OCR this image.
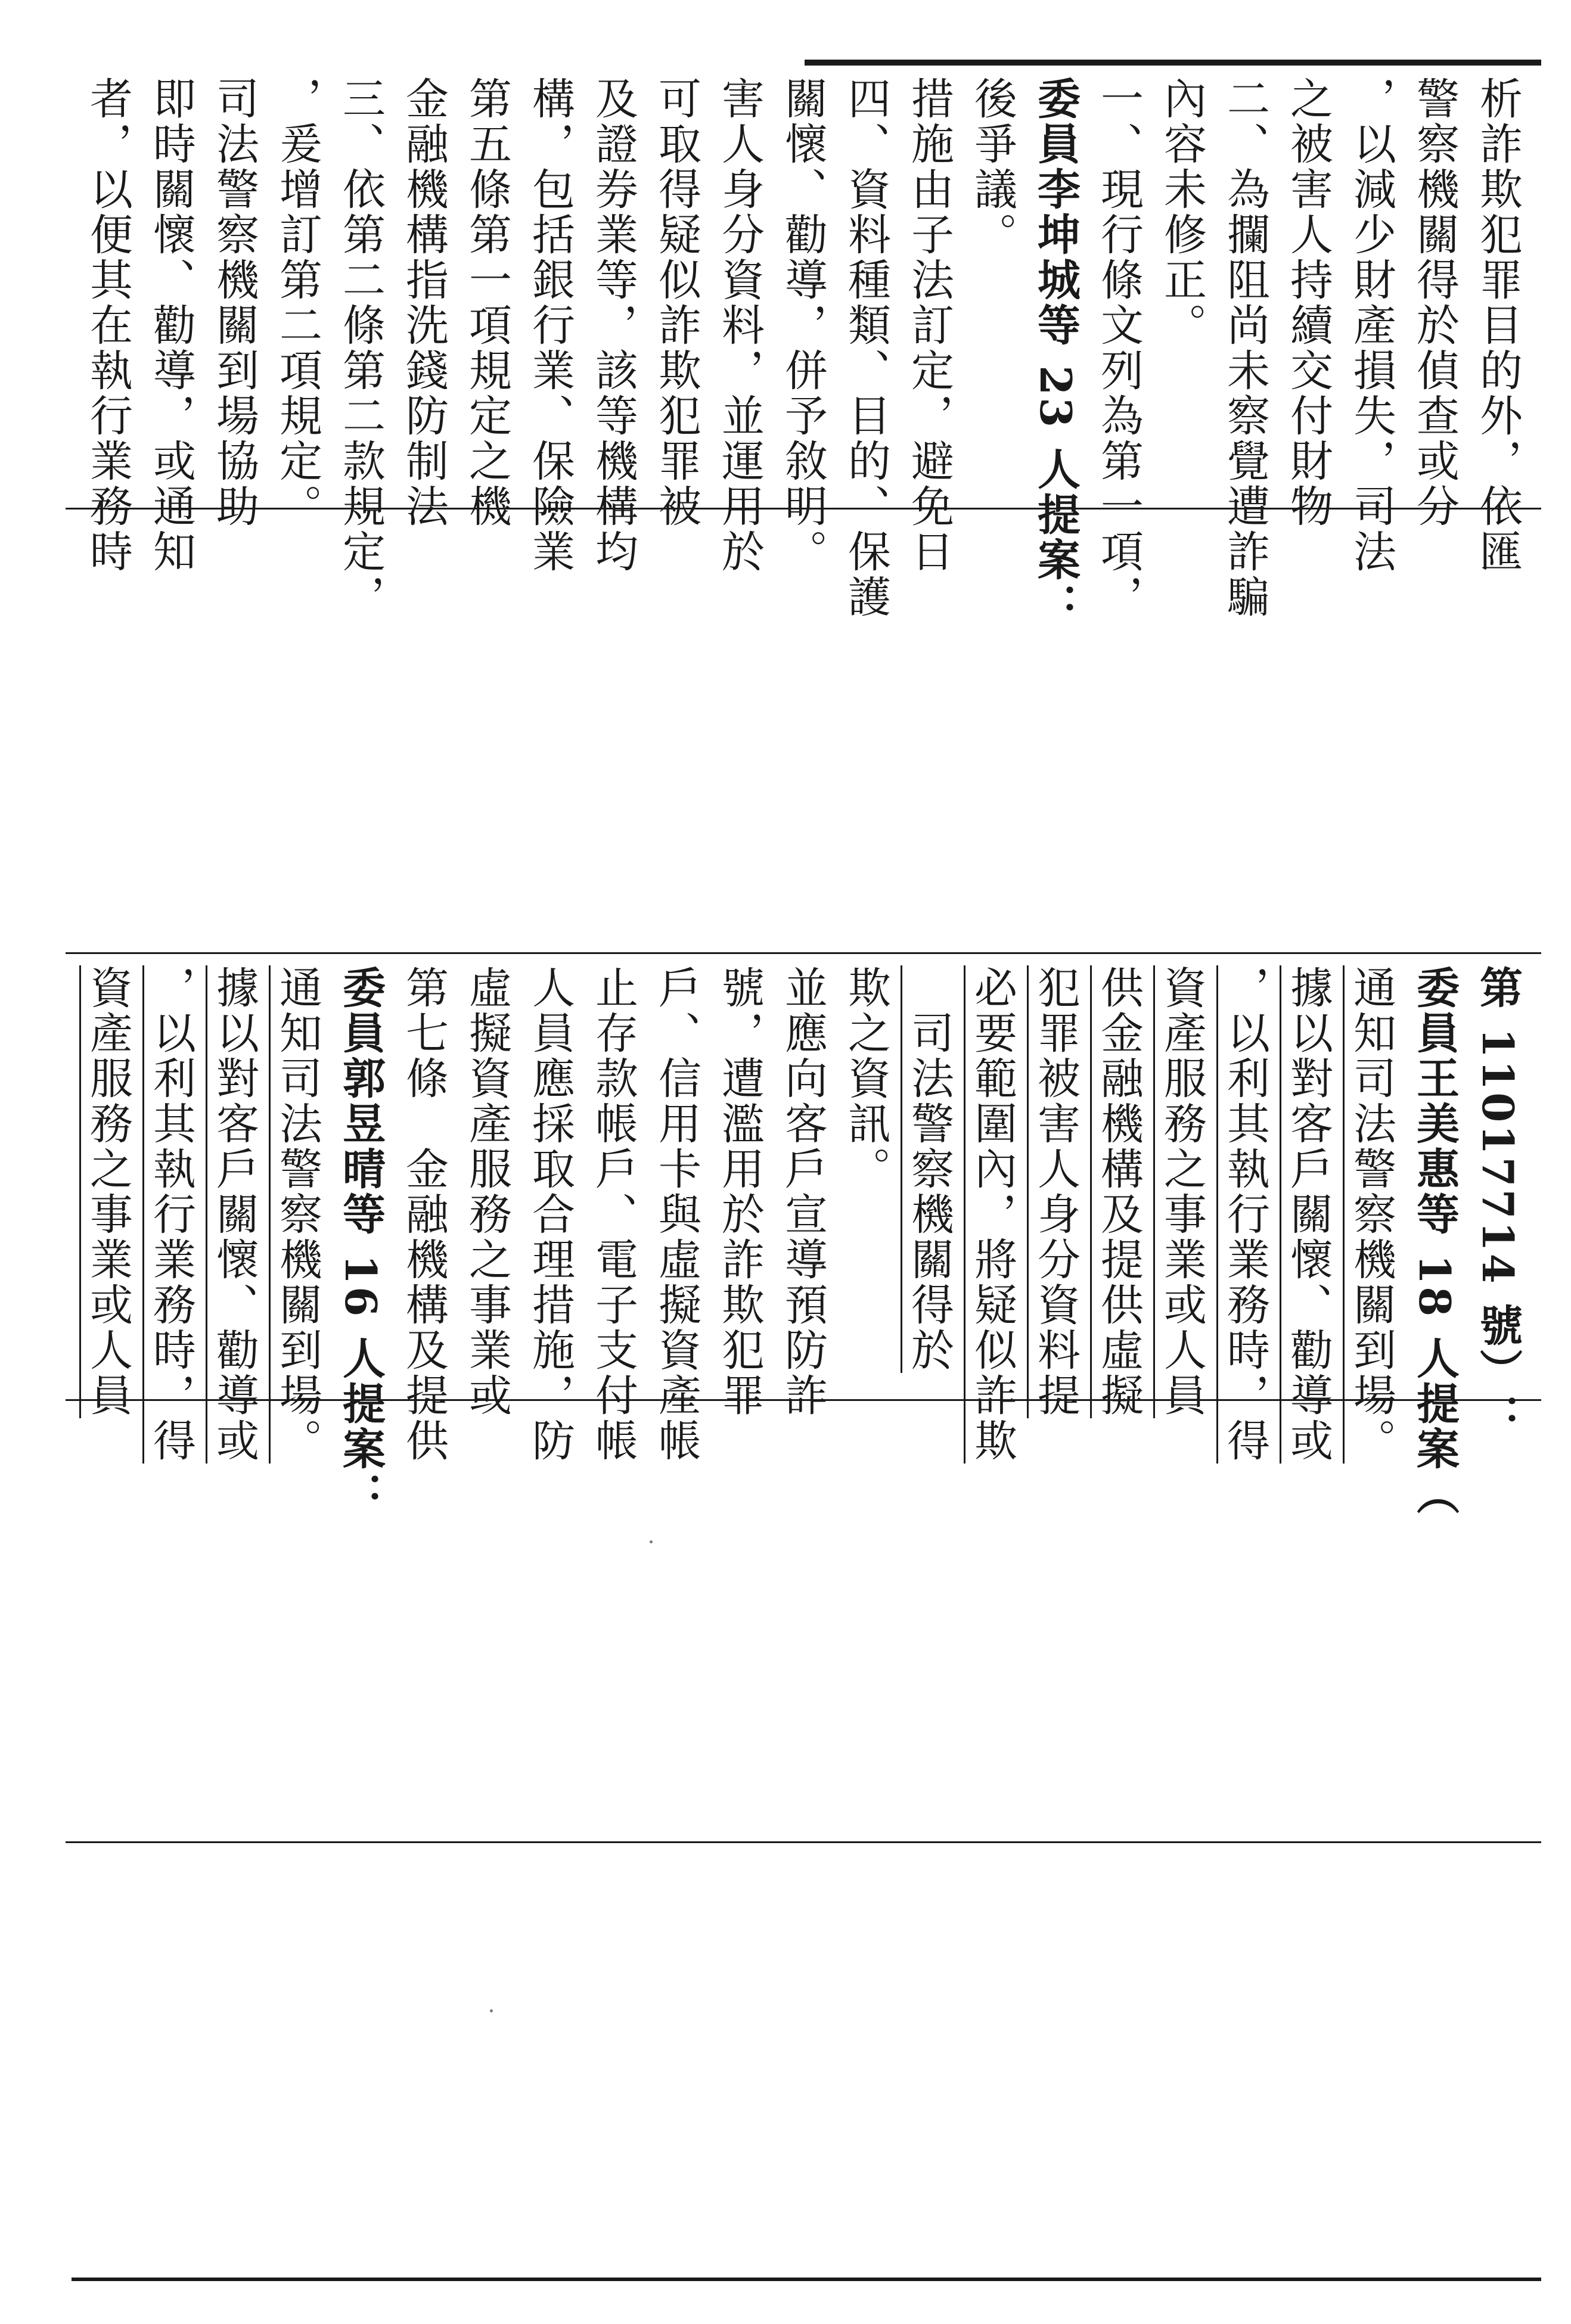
者，以便其在執行業務時 即時關懷、勸導，或通知 司法警察機關到場協助 ，爰增訂第二項規定。 三、依第二條第二款規定， 金融機構指洗錢防制法 第五條第一項規定之機 構，包括銀行業、保險業 及證券業等，該等機構均 可取得疑似詐欺犯罪被 害人身分資料，並運用於 關懷、勸導，併予敘明。 四、資料種類、目的、保護 措施由子法訂定，避免日 後爭議。 委員李坤城等 23 人提案： 一、現行條文列為第一項， 內容未修正。 二、為攔阻尚未察覺遭詐騙 之被害人持續交付財物 ，以減少財產損失，司法 警察機關得於偵查或分 析詐欺犯罪目的外，依匯
資產服務之事業或人員 ，以利其執行業務時，得 據以對客戶關懷、勸導或 通知司法警察機關到場。 委員郭昱晴等 16 人提案： 第七條　金融機構及提供 虛擬資產服務之事業或 人員應採取合理措施，防 止存款帳戶、電子支付帳 戶、信用卡與虛擬資產帳 號，遭濫用於詐欺犯罪 並應向客戶宣導預防詐 欺之資訊。 　司法警察機關得於 必要範圍內，將疑似詐欺 犯罪被害人身分資料提 供金融機構及提供虛擬 資產服務之事業或人員 ，以利其執行業務時，得 據以對客戶關懷、勸導或 通知司法警察機關到場。 委員王美惠等 18 人提案（ 第 11017714 號）：
